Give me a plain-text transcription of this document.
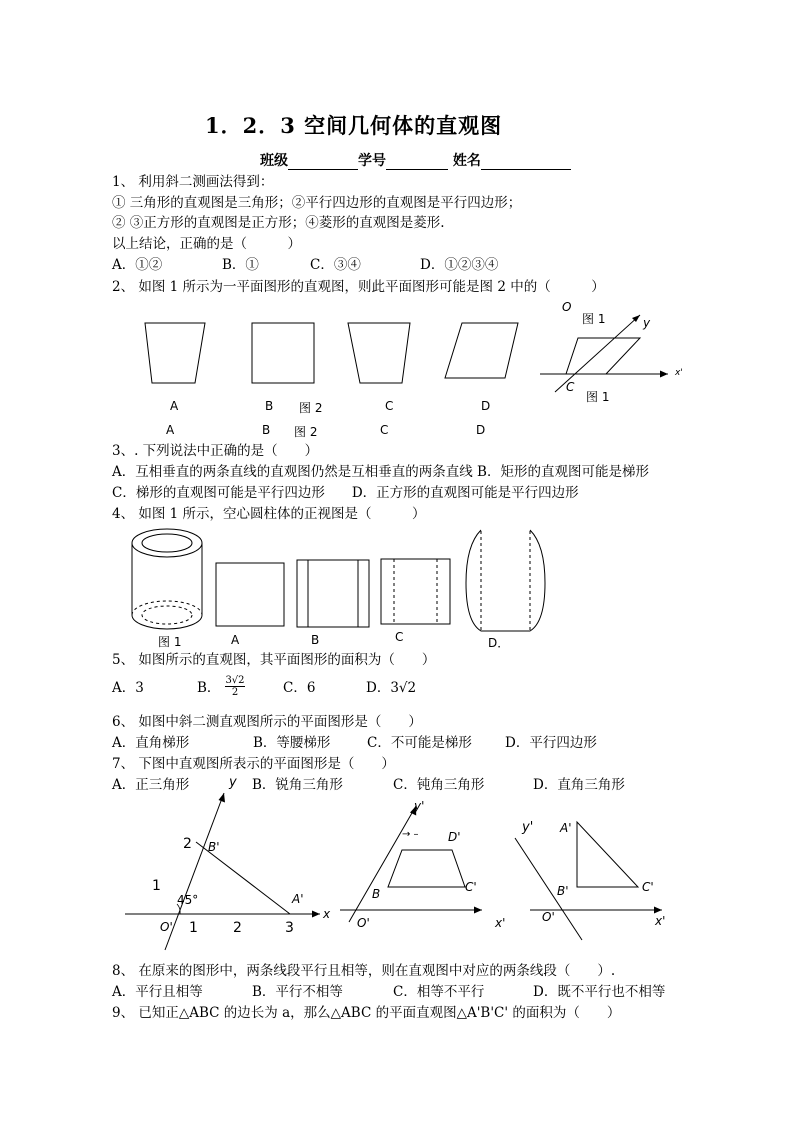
1．2．3 空间几何体的直观图
班级	学号	姓名
1、 利用斜二测画法得到：
① 三角形的直观图是三角形；②平行四边形的直观图是平行四边形；
② ③正方形的直观图是正方形；④菱形的直观图是菱形.
以上结论，正确的是（　　　）
A．①②	B．①	C．③④	D．①②③④
2、 如图 1 所示为一平面图形的直观图，则此平面图形可能是图 2 中的（　　　）
O
图 1	y
x'
C
图 1
A	B 图 2	C	D
A	B 图 2	C	D
3、. 下列说法中正确的是（　　）
A．互相垂直的两条直线的直观图仍然是互相垂直的两条直线 B．矩形的直观图可能是梯形
C．梯形的直观图可能是平行四边形　　D．正方形的直观图可能是平行四边形
4、 如图 1 所示，空心圆柱体的正视图是（　　　）
图 1	A	B	C	D．
5、 如图所示的直观图，其平面图形的面积为（　　）
A．3	B． $\frac{3√2}{2}$	C．6	D．3√2
6、 如图中斜二测直观图所示的平面图形是（　　）
A．直角梯形	B．等腰梯形	C．不可能是梯形 D．平行四边形
7、 下图中直观图所表示的平面图形是（　　）
A．正三角形	B．锐角三角形	C．钝角三角形	D．直角三角形
y
x
2
1
B'
45°	A'
O' 1	2	3
y'
→ – D'
B	C'
O'	x'
y' A'
B'	C'
O'	x'
8、 在原来的图形中，两条线段平行且相等，则在直观图中对应的两条线段（　　）.
A．平行且相等	B．平行不相等	C．相等不平行	D．既不平行也不相等
9、 已知正△ABC 的边长为 a，那么△ABC 的平面直观图△A'B'C' 的面积为（　　）
